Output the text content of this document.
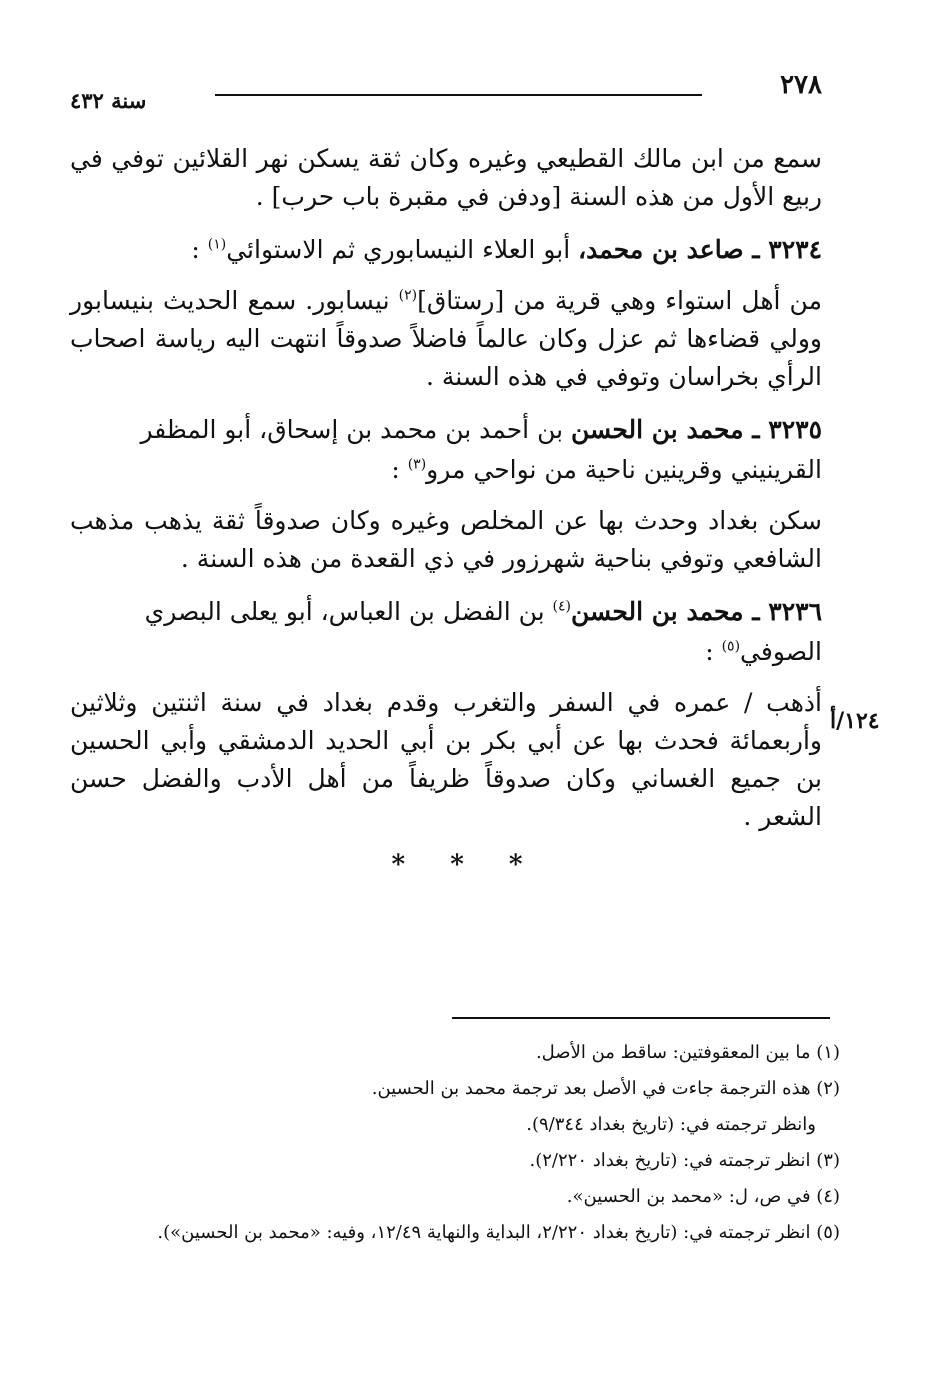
٢٧٨
سنة ٤٣٢

سمع من ابن مالك القطيعي وغيره وكان ثقة يسكن نهر القلائين توفي في ربيع الأول من هذه السنة [ودفن في مقبرة باب حرب] .

٣٢٣٤ ـ صاعد بن محمد، أبو العلاء النيسابوري ثم الاستوائي$^{(١)}$ :

من أهل استواء وهي قرية من [رستاق]$^{(٢)}$ نيسابور. سمع الحديث بنيسابور وولي قضاءها ثم عزل وكان عالماً فاضلاً صدوقاً انتهت اليه رياسة اصحاب الرأي بخراسان وتوفي في هذه السنة .

٣٢٣٥ ـ محمد بن الحسن بن أحمد بن محمد بن إسحاق، أبو المظفر القرينيني وقرينين ناحية من نواحي مرو$^{(٣)}$ :

سكن بغداد وحدث بها عن المخلص وغيره وكان صدوقاً ثقة يذهب مذهب الشافعي وتوفي بناحية شهرزور في ذي القعدة من هذه السنة .

٣٢٣٦ ـ محمد بن الحسن$^{(٤)}$ بن الفضل بن العباس، أبو يعلى البصري الصوفي$^{(٥)}$ :

أذهب / عمره في السفر والتغرب وقدم بغداد في سنة اثنتين وثلاثين وأربعمائة فحدث بها عن أبي بكر بن أبي الحديد الدمشقي وأبي الحسين بن جميع الغساني وكان صدوقاً ظريفاً من أهل الأدب والفضل حسن الشعر .

١٢٤/أ
* * *

(١) ما بين المعقوفتين: ساقط من الأصل.

(٢) هذه الترجمة جاءت في الأصل بعد ترجمة محمد بن الحسين.

وانظر ترجمته في: (تاريخ بغداد ٩/٣٤٤).

(٣) انظر ترجمته في: (تاريخ بغداد ٢/٢٢٠).

(٤) في ص، ل: «محمد بن الحسين».

(٥) انظر ترجمته في: (تاريخ بغداد ٢/٢٢٠، البداية والنهاية ١٢/٤٩، وفيه: «محمد بن الحسين»).
